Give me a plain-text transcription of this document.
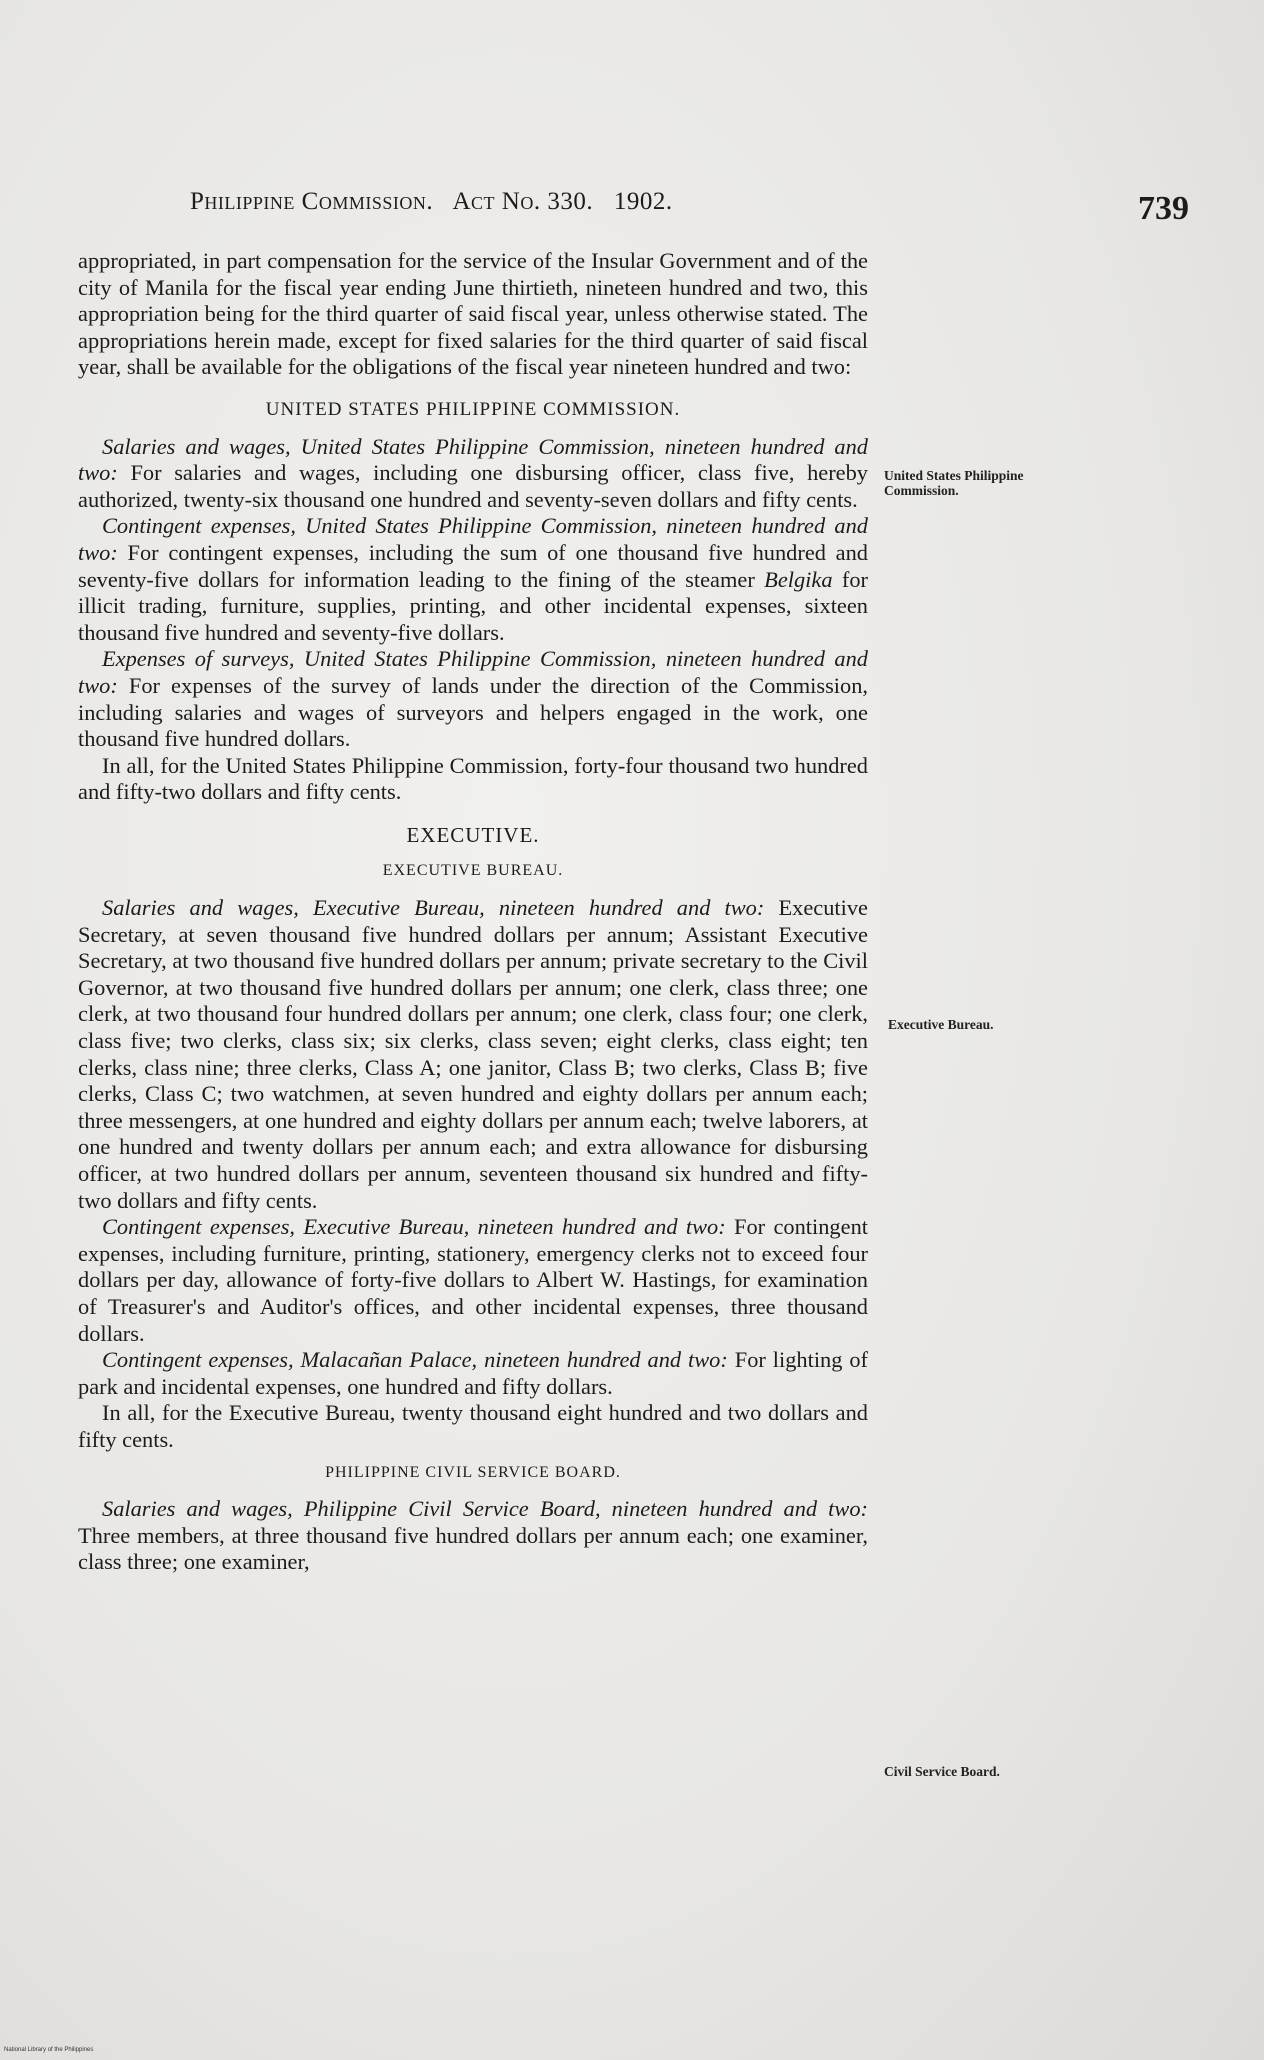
Philippine Commission. Act No. 330. 1902.	739

appropriated, in part compensation for the service of the Insular Government and of the city of Manila for the fiscal year ending June thirtieth, nineteen hundred and two, this appropriation being for the third quarter of said fiscal year, unless otherwise stated. The appropriations herein made, except for fixed salaries for the third quarter of said fiscal year, shall be available for the obligations of the fiscal year nineteen hundred and two:

UNITED STATES PHILIPPINE COMMISSION.

Salaries and wages, United States Philippine Commission, nineteen hundred and two: For salaries and wages, including one disbursing officer, class five, hereby authorized, twenty-six thousand one hundred and seventy-seven dollars and fifty cents.

Contingent expenses, United States Philippine Commission, nineteen hundred and two: For contingent expenses, including the sum of one thousand five hundred and seventy-five dollars for information leading to the fining of the steamer Belgika for illicit trading, furniture, supplies, printing, and other incidental expenses, sixteen thousand five hundred and seventy-five dollars.

Expenses of surveys, United States Philippine Commission, nineteen hundred and two: For expenses of the survey of lands under the direction of the Commission, including salaries and wages of surveyors and helpers engaged in the work, one thousand five hundred dollars.

In all, for the United States Philippine Commission, forty-four thousand two hundred and fifty-two dollars and fifty cents.

EXECUTIVE.

EXECUTIVE BUREAU.

Salaries and wages, Executive Bureau, nineteen hundred and two: Executive Secretary, at seven thousand five hundred dollars per annum; Assistant Executive Secretary, at two thousand five hundred dollars per annum; private secretary to the Civil Governor, at two thousand five hundred dollars per annum; one clerk, class three; one clerk, at two thousand four hundred dollars per annum; one clerk, class four; one clerk, class five; two clerks, class six; six clerks, class seven; eight clerks, class eight; ten clerks, class nine; three clerks, Class A; one janitor, Class B; two clerks, Class B; five clerks, Class C; two watchmen, at seven hundred and eighty dollars per annum each; three messengers, at one hundred and eighty dollars per annum each; twelve laborers, at one hundred and twenty dollars per annum each; and extra allowance for disbursing officer, at two hundred dollars per annum, seventeen thousand six hundred and fifty-two dollars and fifty cents.

Contingent expenses, Executive Bureau, nineteen hundred and two: For contingent expenses, including furniture, printing, stationery, emergency clerks not to exceed four dollars per day, allowance of forty-five dollars to Albert W. Hastings, for examination of Treasurer's and Auditor's offices, and other incidental expenses, three thousand dollars.

Contingent expenses, Malacañan Palace, nineteen hundred and two: For lighting of park and incidental expenses, one hundred and fifty dollars.

In all, for the Executive Bureau, twenty thousand eight hundred and two dollars and fifty cents.

PHILIPPINE CIVIL SERVICE BOARD.

Salaries and wages, Philippine Civil Service Board, nineteen hundred and two: Three members, at three thousand five hundred dollars per annum each; one examiner, class three; one examiner,

United States Philippine Commission.
Executive Bureau.
Civil Service Board.
National Library of the Philippines
